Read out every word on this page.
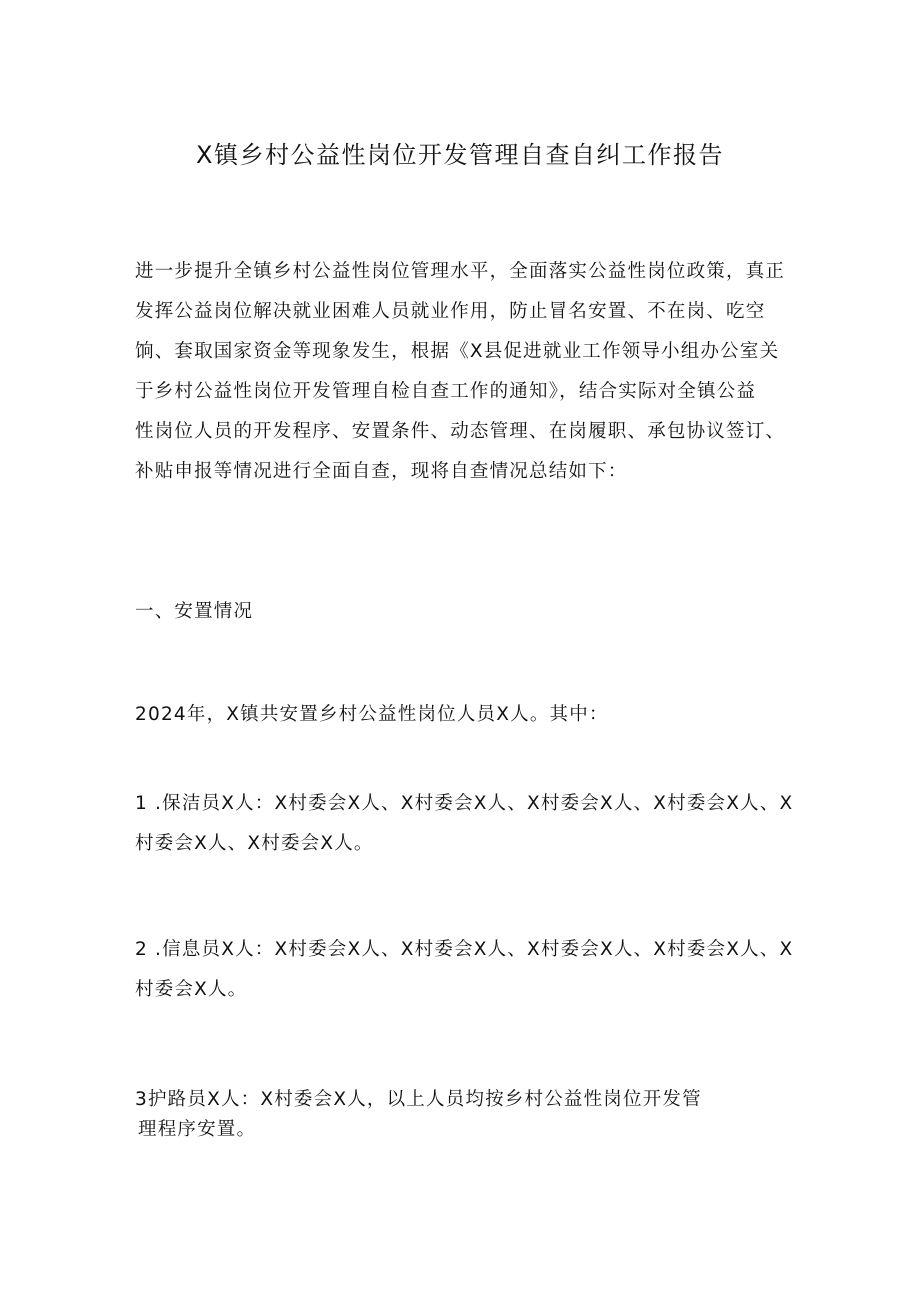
X镇乡村公益性岗位开发管理自查自纠工作报告

进一步提升全镇乡村公益性岗位管理水平，全面落实公益性岗位政策，真正
发挥公益岗位解决就业困难人员就业作用，防止冒名安置、不在岗、吃空
饷、套取国家资金等现象发生，根据《X县促进就业工作领导小组办公室关
于乡村公益性岗位开发管理自检自查工作的通知》，结合实际对全镇公益
性岗位人员的开发程序、安置条件、动态管理、在岗履职、承包协议签订、
补贴申报等情况进行全面自查，现将自查情况总结如下：

一、安置情况

2024年，X镇共安置乡村公益性岗位人员X人。其中：

1 .保洁员X人：X村委会X人、X村委会X人、X村委会X人、X村委会X人、X
村委会X人、X村委会X人。

2 .信息员X人：X村委会X人、X村委会X人、X村委会X人、X村委会X人、X
村委会X人。

3护路员X人：X村委会X人，以上人员均按乡村公益性岗位开发管
理程序安置。
